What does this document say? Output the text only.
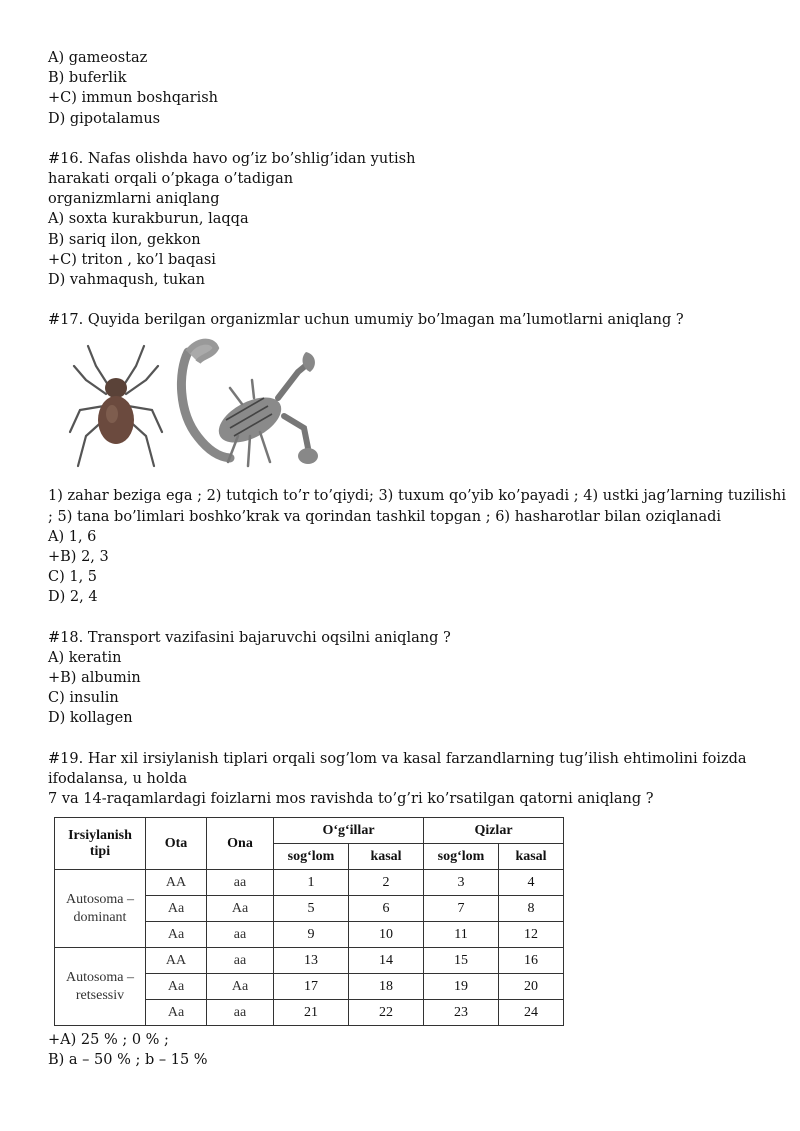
A) gameostaz
B) buferlik
+C) immun boshqarish
D) gipotalamus
#16. Nafas olishda havo og’iz bo’shlig’idan yutish
harakati orqali o’pkaga o’tadigan
organizmlarni aniqlang
A) soxta kurakburun, laqqa
B) sariq ilon, gekkon
+C) triton , ko’l baqasi
D) vahmaqush, tukan
#17. Quyida berilgan organizmlar uchun umumiy bo’lmagan ma’lumotlarni aniqlang ?
1) zahar beziga ega ; 2) tutqich to’r to’qiydi; 3) tuxum qo’yib ko’payadi ; 4) ustki jag’larning tuzilishi
; 5) tana bo’limlari boshko’krak va qorindan tashkil topgan ; 6) hasharotlar bilan oziqlanadi
A) 1, 6
+B) 2, 3
C) 1, 5
D) 2, 4
#18. Transport vazifasini bajaruvchi oqsilni aniqlang ?
A) keratin
+B) albumin
C) insulin
D) kollagen
#19. Har xil irsiylanish tiplari orqali sog’lom va kasal farzandlarning tug’ilish ehtimolini foizda
ifodalansa, u holda
7 va 14-raqamlardagi foizlarni mos ravishda to’g’ri ko’rsatilgan qatorni aniqlang ?
Irsiylanish tipi	Ota	Ona	O‘g‘illar		Qizlar	
			sog‘lom	kasal	sog‘lom	kasal
Autosoma – dominant	AA	aa	1	2	3	4
	Aa	Aa	5	6	7	8
	Aa	aa	9	10	11	12
Autosoma – retsessiv	AA	aa	13	14	15	16
	Aa	Aa	17	18	19	20
	Aa	aa	21	22	23	24
+A) 25 % ; 0 % ;
B) a – 50 % ; b – 15 %
